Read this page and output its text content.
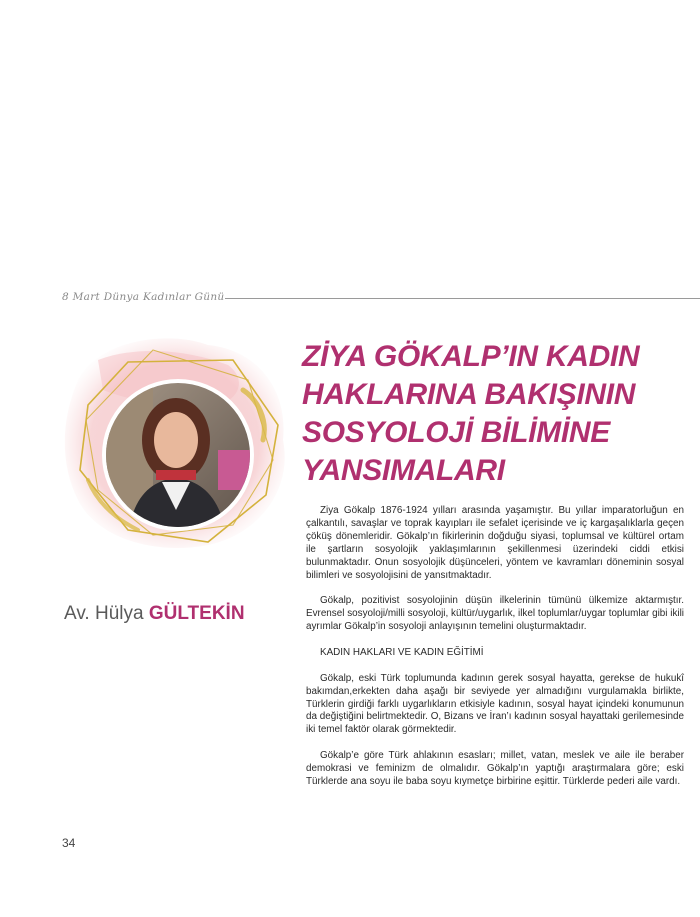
8 Mart Dünya Kadınlar Günü
Av. Hülya GÜLTEKİN
ZİYA GÖKALP’IN KADIN
HAKLARINA BAKIŞININ
SOSYOLOJİ BİLİMİNE
YANSIMALARI

Ziya Gökalp 1876-1924 yılları arasında yaşamıştır. Bu yıllar imparatorluğun en çalkantılı, savaşlar ve toprak kayıpları ile sefalet içerisinde ve iç kargaşalıklarla geçen çöküş dönemleridir. Gökalp’ın fikirlerinin doğduğu siyasi, toplumsal ve kültürel ortam ile şartların sosyolojik yaklaşımlarının şekillenmesi üzerindeki ciddi etkisi bulunmaktadır. Onun sosyolojik düşünceleri, yöntem ve kavramları döneminin sosyal bilimleri ve sosyolojisini de yansıtmaktadır.

Gökalp, pozitivist sosyolojinin düşün ilkelerinin tümünü ülkemize aktarmıştır. Evrensel sosyoloji/milli sosyoloji, kültür/uygarlık, ilkel toplumlar/uygar toplumlar gibi ikili ayrımlar Gökalp’in sosyoloji anlayışının temelini oluşturmaktadır.

KADIN HAKLARI VE KADIN EĞİTİMİ

Gökalp, eski Türk toplumunda kadının gerek sosyal hayatta, gerekse de hukukî bakımdan,erkekten daha aşağı bir seviyede yer almadığını vurgulamakla birlikte, Türklerin girdiği farklı uygarlıkların etkisiyle kadının, sosyal hayat içindeki konumunun da değiştiğini belirtmektedir. O, Bizans ve İran’ı kadının sosyal hayattaki gerilemesinde iki temel faktör olarak görmektedir.

Gökalp’e göre Türk ahlakının esasları; millet, vatan, meslek ve aile ile beraber demokrasi ve feminizm de olmalıdır. Gökalp’ın yaptığı araştırmalara göre; eski Türklerde ana soyu ile baba soyu kıymetçe birbirine eşittir. Türklerde pederi aile vardı.

34
